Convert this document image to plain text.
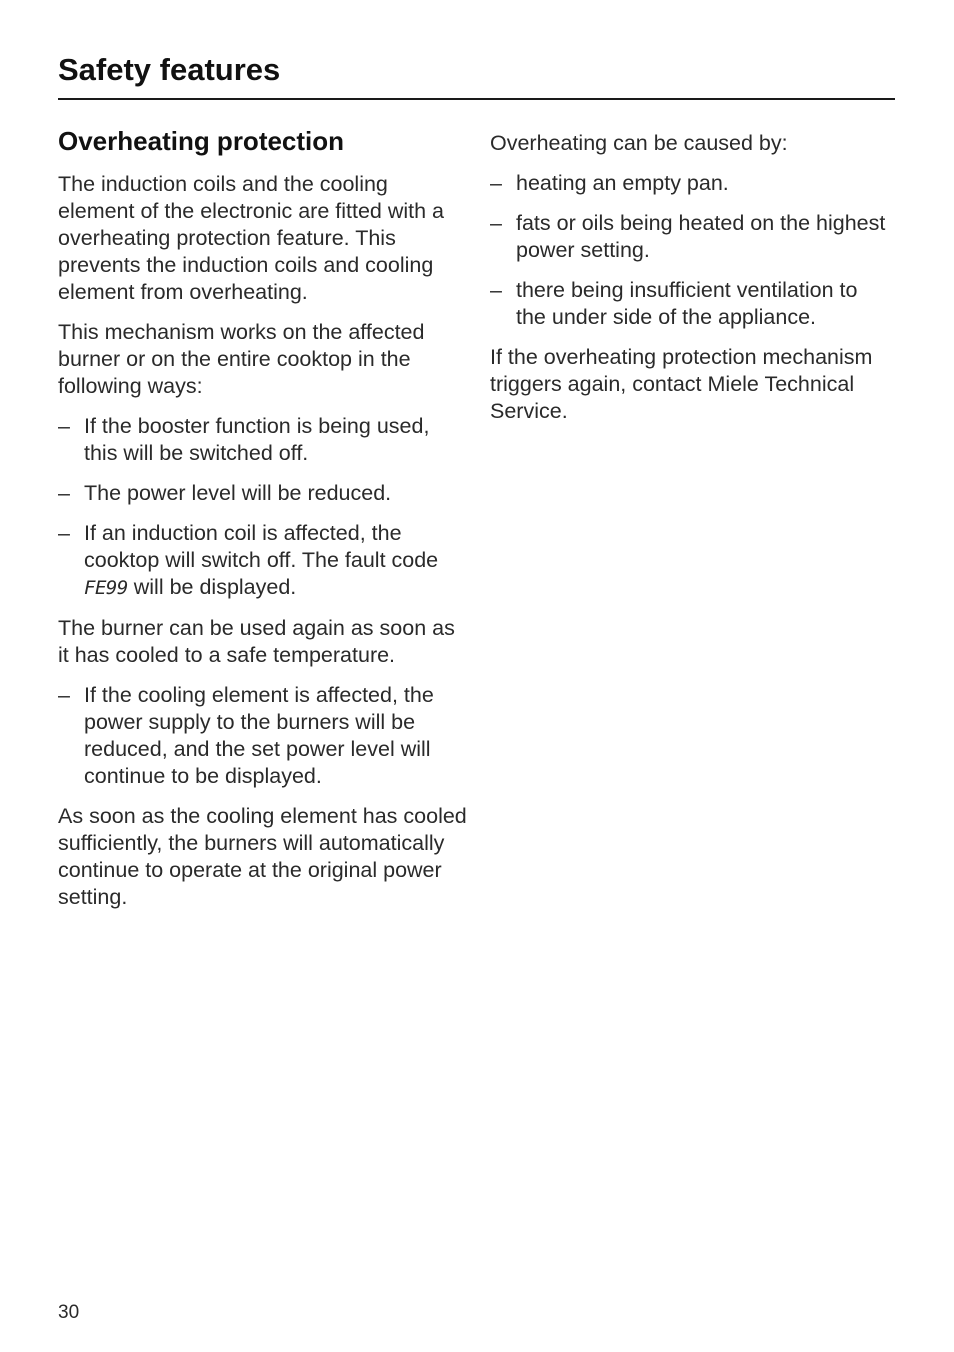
Safety features
Overheating protection

The induction coils and the cooling element of the electronic are fitted with a overheating protection feature. This prevents the induction coils and cooling element from overheating.

This mechanism works on the affected burner or on the entire cooktop in the following ways:

– If the booster function is being used, this will be switched off.
– The power level will be reduced.
– If an induction coil is affected, the cooktop will switch off. The fault code FE99 will be displayed.

The burner can be used again as soon as it has cooled to a safe temperature.

– If the cooling element is affected, the power supply to the burners will be reduced, and the set power level will continue to be displayed.

As soon as the cooling element has cooled sufficiently, the burners will automatically continue to operate at the original power setting.

Overheating can be caused by:

– heating an empty pan.
– fats or oils being heated on the highest power setting.
– there being insufficient ventilation to the under side of the appliance.

If the overheating protection mechanism triggers again, contact Miele Technical Service.

30
